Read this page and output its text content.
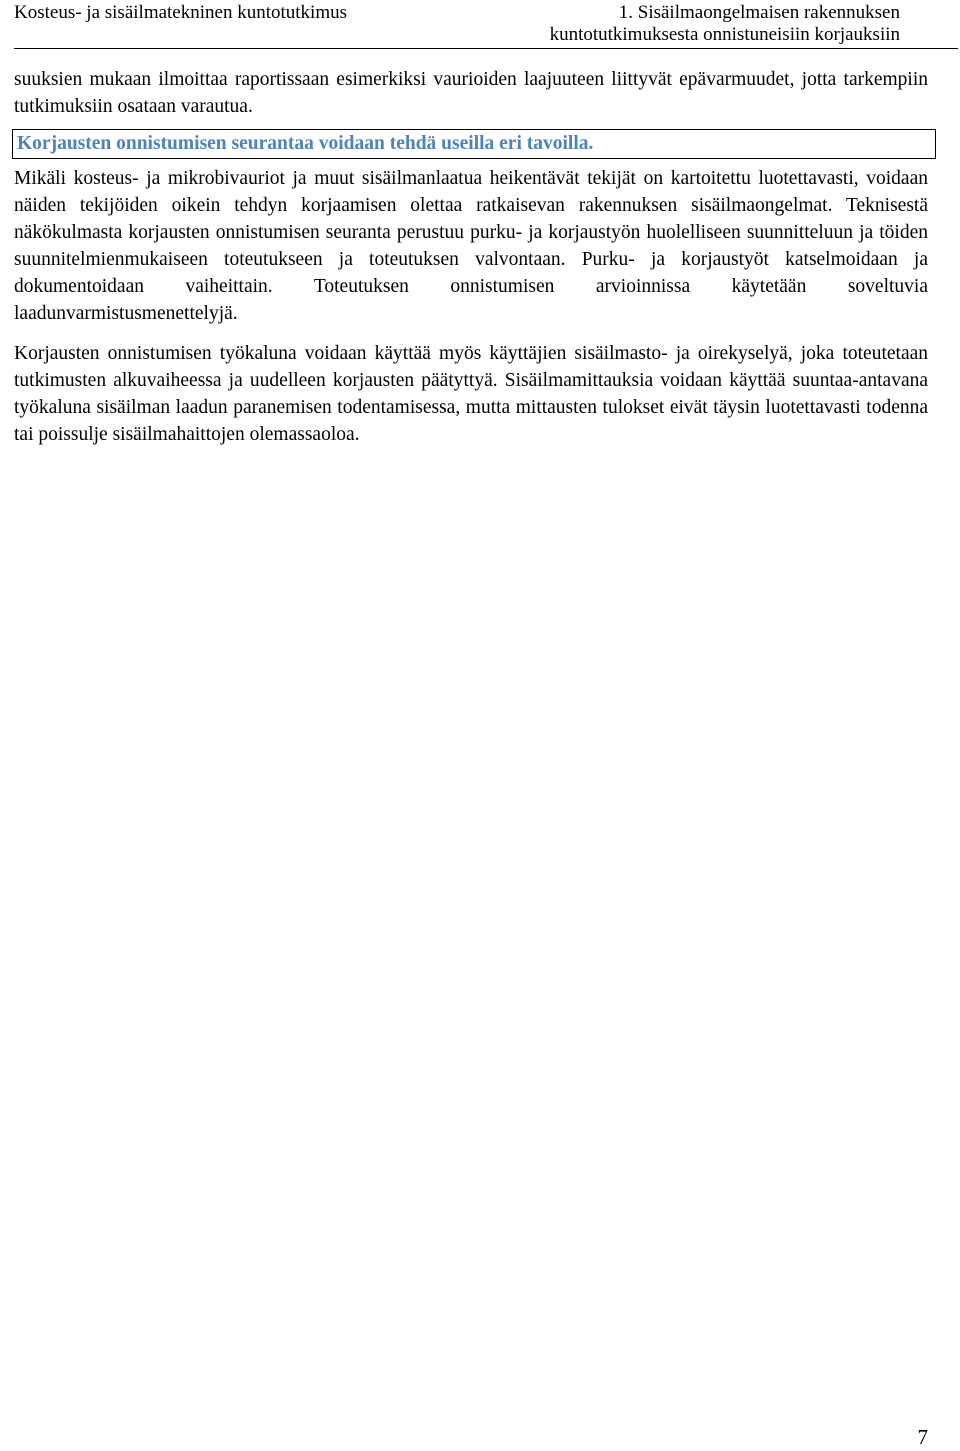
Kosteus- ja sisäilmatekninen kuntotutkimus	1. Sisäilmaongelmaisen rakennuksen
kuntotutkimuksesta onnistuneisiin korjauksiin

suuksien mukaan ilmoittaa raportissaan esimerkiksi vaurioiden laajuuteen liittyvät epävarmuudet, jotta tarkempiin tutkimuksiin osataan varautua.

Korjausten onnistumisen seurantaa voidaan tehdä useilla eri tavoilla.

Mikäli kosteus- ja mikrobivauriot ja muut sisäilmanlaatua heikentävät tekijät on kartoitettu luotettavasti, voidaan näiden tekijöiden oikein tehdyn korjaamisen olettaa ratkaisevan rakennuksen sisäilmaongelmat. Teknisestä näkökulmasta korjausten onnistumisen seuranta perustuu purku- ja korjaustyön huolelliseen suunnitteluun ja töiden suunnitelmienmukaiseen toteutukseen ja toteutuksen valvontaan. Purku- ja korjaustyöt katselmoidaan ja dokumentoidaan vaiheittain. Toteutuksen onnistumisen arvioinnissa käytetään soveltuvia laadunvarmistusmenettelyjä.

Korjausten onnistumisen työkaluna voidaan käyttää myös käyttäjien sisäilmasto- ja oirekyselyä, joka toteutetaan tutkimusten alkuvaiheessa ja uudelleen korjausten päätyttyä. Sisäilmamittauksia voidaan käyttää suuntaa-antavana työkaluna sisäilman laadun paranemisen todentamisessa, mutta mittausten tulokset eivät täysin luotettavasti todenna tai poissulje sisäilmahaittojen olemassaoloa.

7
